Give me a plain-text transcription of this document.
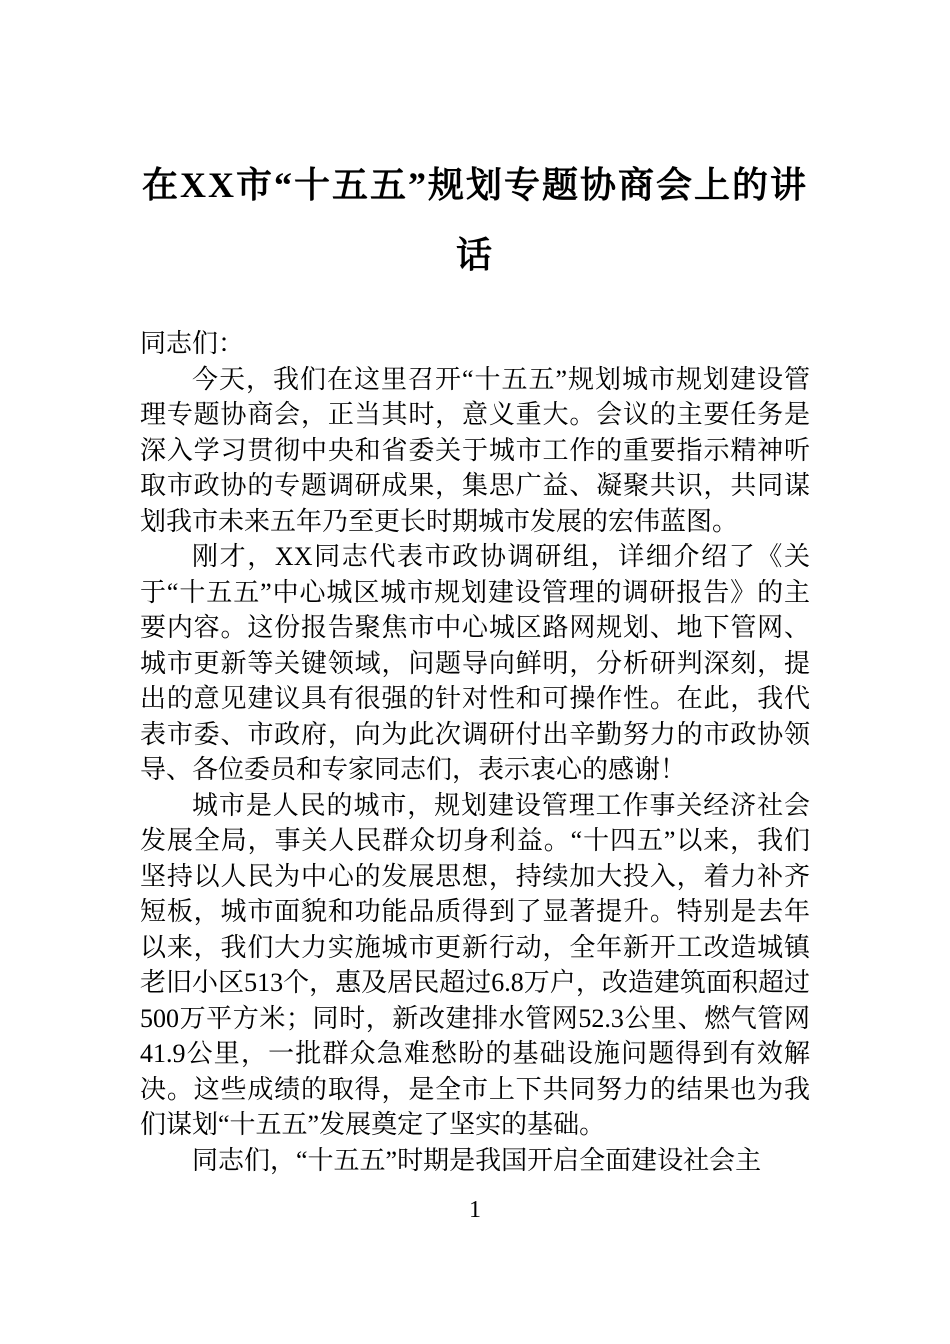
在XX市“十五五”规划专题协商会上的讲话

同志们：

今天，我们在这里召开“十五五”规划城市规划建设管理专题协商会，正当其时，意义重大。会议的主要任务是深入学习贯彻中央和省委关于城市工作的重要指示精神听取市政协的专题调研成果，集思广益、凝聚共识，共同谋划我市未来五年乃至更长时期城市发展的宏伟蓝图。

刚才，XX同志代表市政协调研组，详细介绍了《关于“十五五”中心城区城市规划建设管理的调研报告》的主要内容。这份报告聚焦市中心城区路网规划、地下管网、城市更新等关键领域，问题导向鲜明，分析研判深刻，提出的意见建议具有很强的针对性和可操作性。在此，我代表市委、市政府，向为此次调研付出辛勤努力的市政协领导、各位委员和专家同志们，表示衷心的感谢！

城市是人民的城市，规划建设管理工作事关经济社会发展全局，事关人民群众切身利益。“十四五”以来，我们坚持以人民为中心的发展思想，持续加大投入，着力补齐短板，城市面貌和功能品质得到了显著提升。特别是去年以来，我们大力实施城市更新行动，全年新开工改造城镇老旧小区513个，惠及居民超过6.8万户，改造建筑面积超过500万平方米；同时，新改建排水管网52.3公里、燃气管网41.9公里，一批群众急难愁盼的基础设施问题得到有效解决。这些成绩的取得，是全市上下共同努力的结果也为我们谋划“十五五”发展奠定了坚实的基础。

同志们，“十五五”时期是我国开启全面建设社会主

1
